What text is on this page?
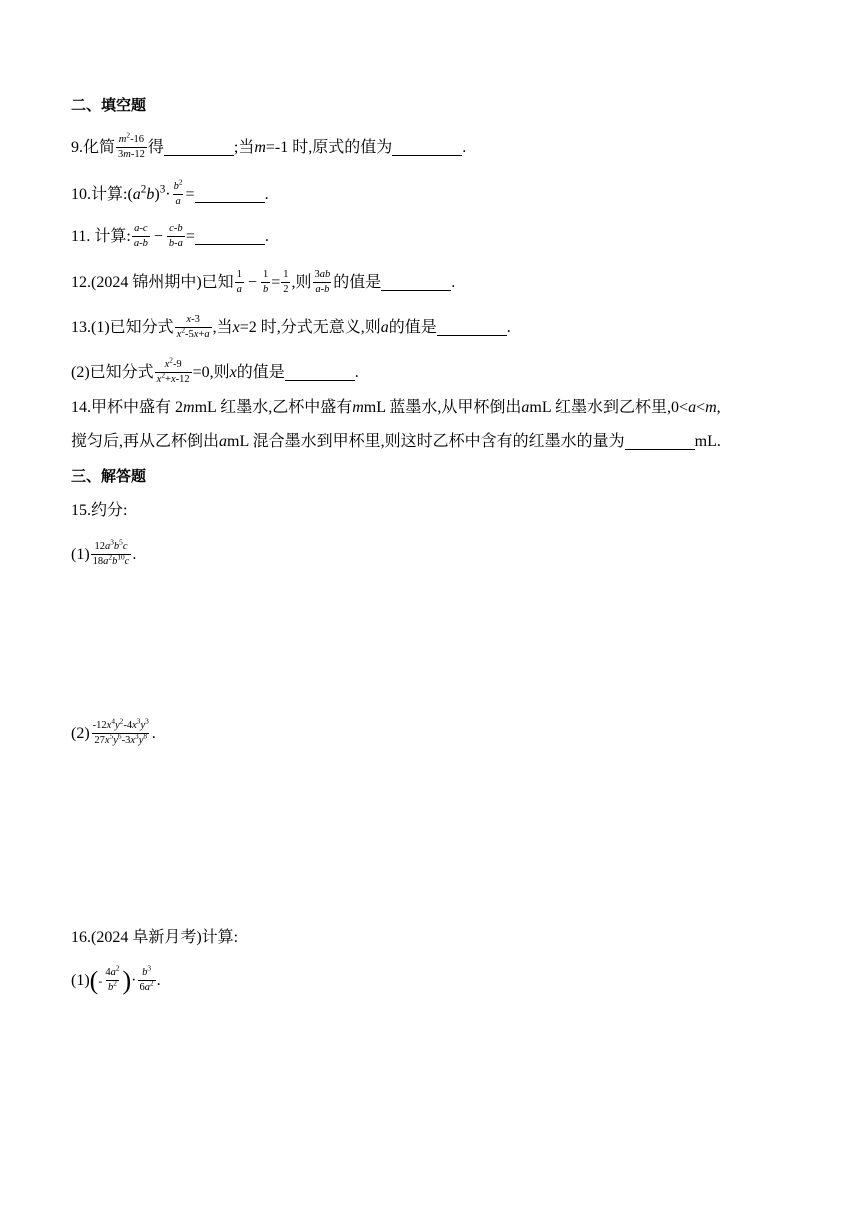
二、填空题
9.化简 $\frac{m^2-16}{3m-12}$ 得	;当 m =-1 时,原式的值为	.
10.计算:( $a^2b)^3\cdot \frac{b^2}{a}$ =	.
11. 计算: $\frac{a-c}{a-b} - \frac{c-b}{b-a}$ =	.
12.(2024 锦州期中)已知 $\frac{1}{a} - \frac{1}{b} = \frac{1}{2}$ ,则 $\frac{3ab}{a-b}$ 的值是	.
13.(1)已知分式 $\frac{x-3}{x^2-5x+a}$ ,当 x =2 时,分式无意义,则 a 的值是	.
(2)已知分式 $\frac{x^2-9}{x^2+x-12} =0$,则 x 的值是	.
14.甲杯中盛有 2 m mL 红墨水,乙杯中盛有 m mL 蓝墨水,从甲杯倒出 a mL 红墨水到乙杯里,0< a < m ,
搅匀后,再从乙杯倒出 a mL 混合墨水到甲杯里,则这时乙杯中含有的红墨水的量为	mL.
三、解答题
15.约分:
$(1) \frac{12a^3b^5c}{18a^2b^{10}c}$ .
$(2) \frac{-12x^4y^2-4x^3y^3}{27x^5y^6-3x^3y^8}$ .
16.(2024 阜新月考)计算:
(1) ( - $\frac{4a^2}{b^2}$ ) · $\frac{b^3}{6a^2}$ .
